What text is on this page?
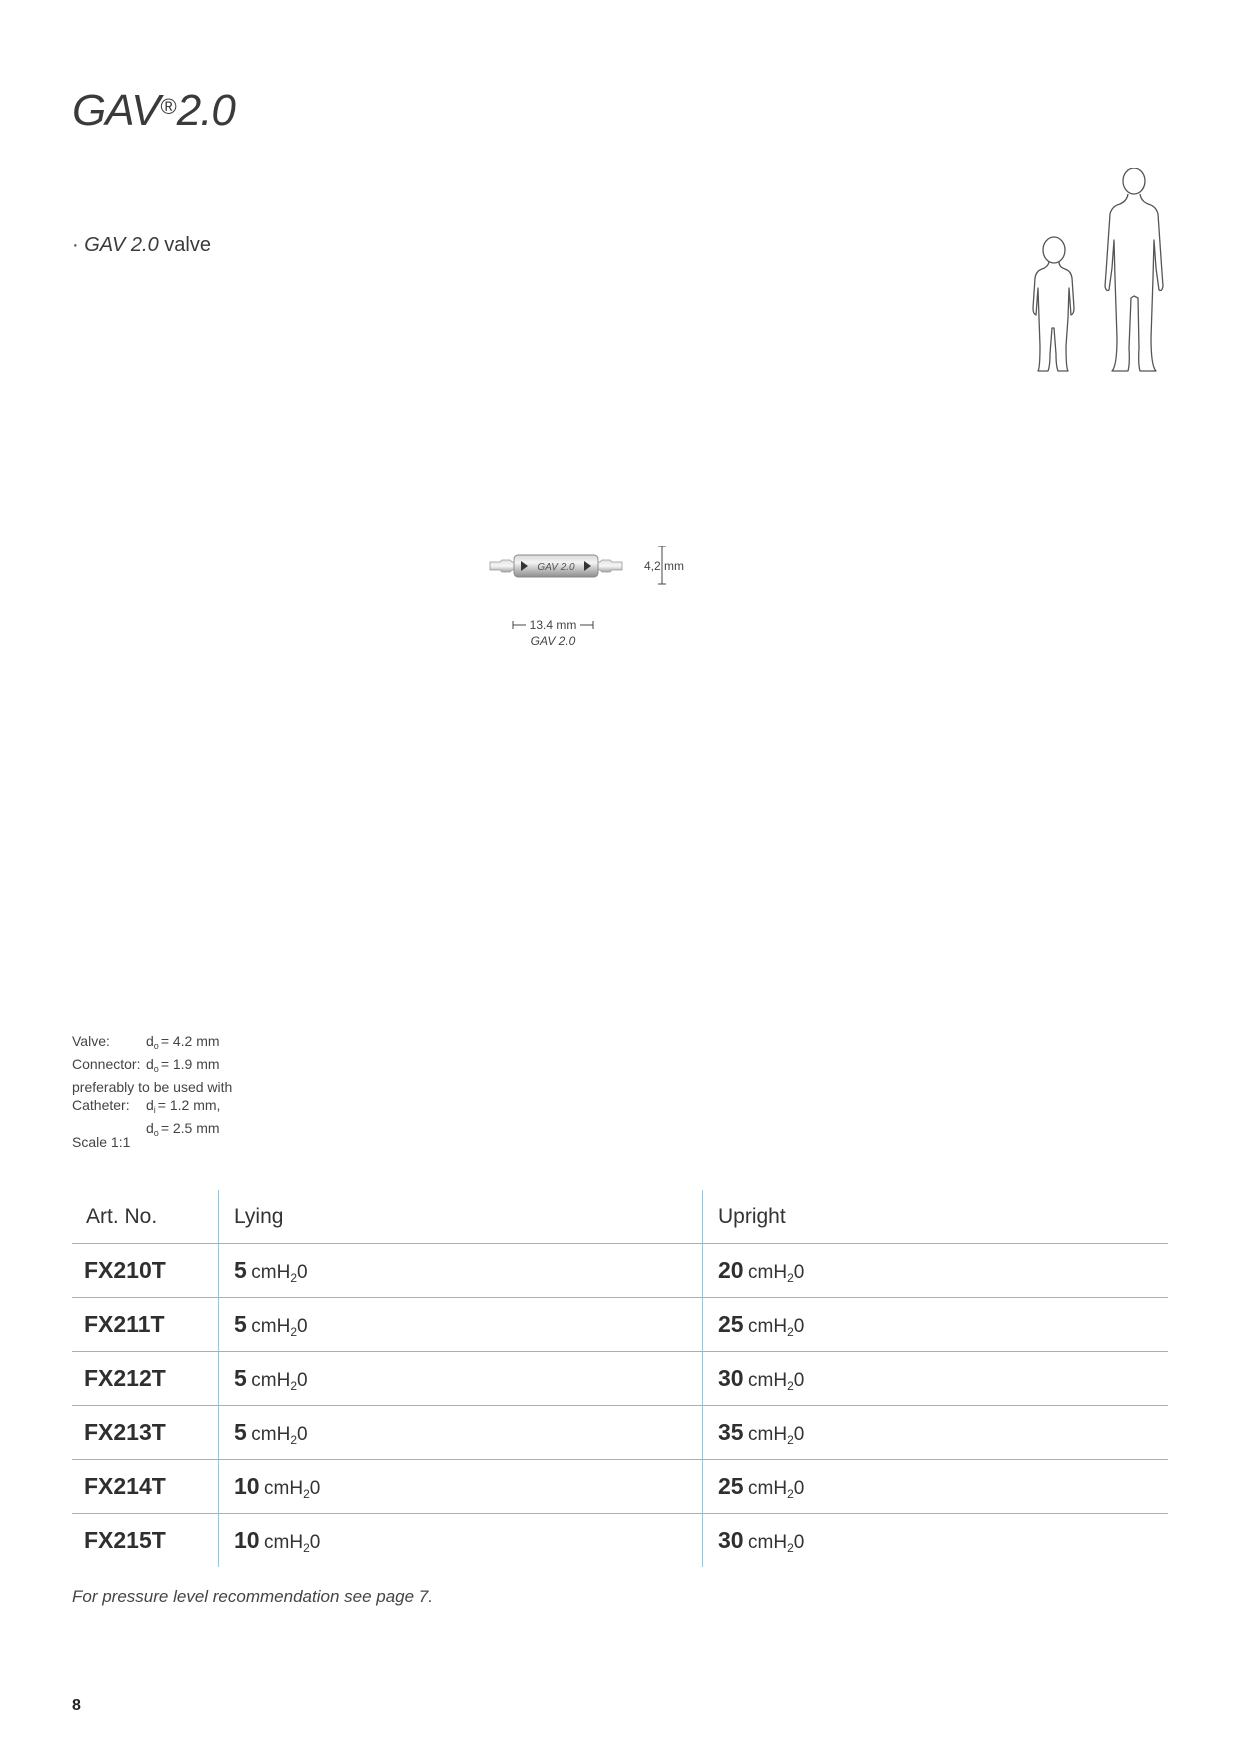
GAV®2.0
· GAV 2.0 valve
GAV 2.0	4,2 mm
13.4 mm
GAV 2.0
Valve:	$d_o = 4.2$ mm
Connector: $d_o = 1.9$ mm
preferably to be used with
Catheter:	$d_i = 1.2$ mm,
$d_o = 2.5$ mm
Scale 1:1
Art. No.	Lying	Upright
FX210T	5 cmH$_2$0	20 cmH$_2$0
FX211T	5 cmH$_2$0	25 cmH$_2$0
FX212T	5 cmH$_2$0	30 cmH$_2$0
FX213T	5 cmH$_2$0	35 cmH$_2$0
FX214T	10 cmH$_2$0	25 cmH$_2$0
FX215T	10 cmH$_2$0	30 cmH$_2$0
For pressure level recommendation see page 7.
8
